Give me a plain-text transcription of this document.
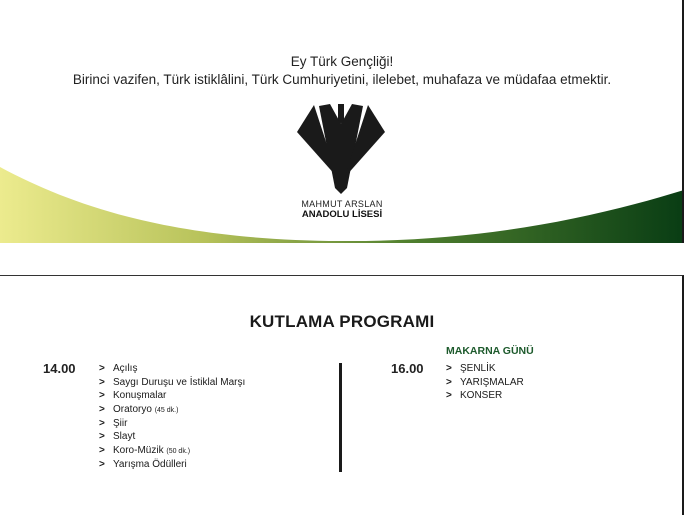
Ey Türk Gençliği!
Birinci vazifen, Türk istiklâlini, Türk Cumhuriyetini, ilelebet, muhafaza ve müdafaa etmektir.
MAHMUT ARSLAN
ANADOLU LİSESİ
KUTLAMA PROGRAMI
14.00 > Açılış
> Saygı Duruşu ve İstiklal Marşı
> Konuşmalar
> Oratoryo (45 dk.)
> Şiir
> Slayt
> Koro-Müzik (50 dk.)
> Yarışma Ödülleri
MAKARNA GÜNÜ
16.00 > ŞENLİK
> YARIŞMALAR
> KONSER
